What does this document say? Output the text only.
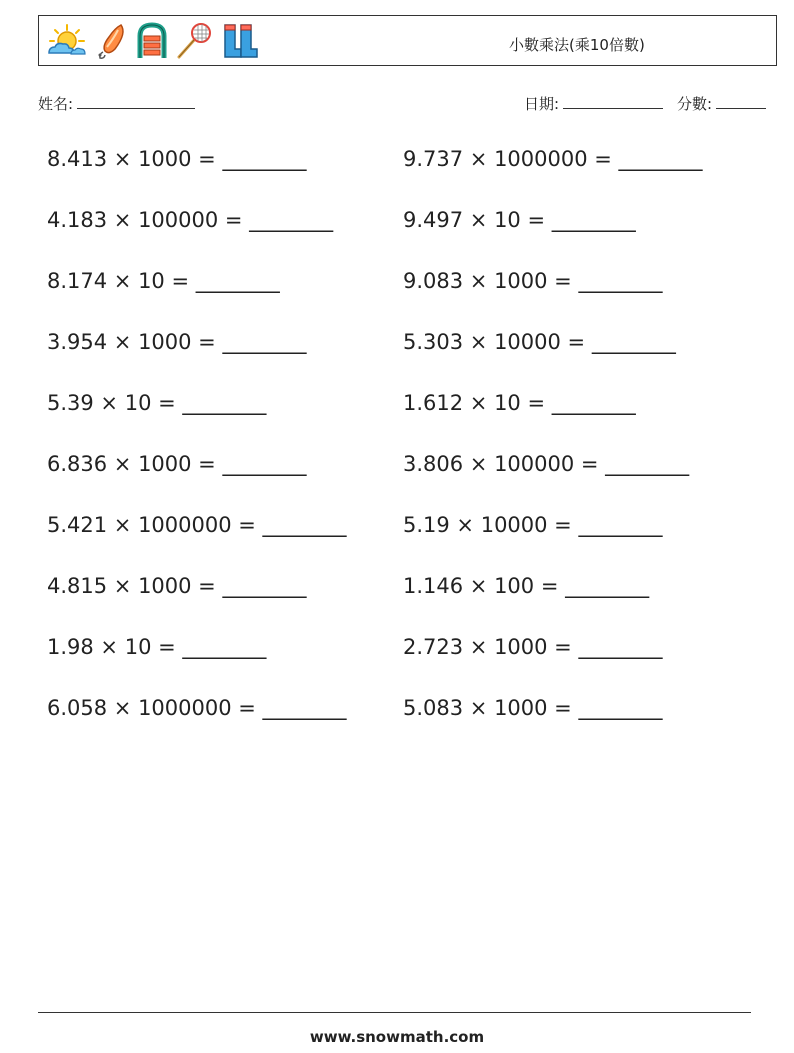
小數乘法(乘10倍數)
姓名:	日期:	分數:
8.413 × 1000 = ________	9.737 × 1000000 = ________
4.183 × 100000 = ________	9.497 × 10 = ________
8.174 × 10 = ________	9.083 × 1000 = ________
3.954 × 1000 = ________	5.303 × 10000 = ________
5.39 × 10 = ________	1.612 × 10 = ________
6.836 × 1000 = ________	3.806 × 100000 = ________
5.421 × 1000000 = ________	5.19 × 10000 = ________
4.815 × 1000 = ________	1.146 × 100 = ________
1.98 × 10 = ________	2.723 × 1000 = ________
6.058 × 1000000 = ________	5.083 × 1000 = ________
www.snowmath.com
